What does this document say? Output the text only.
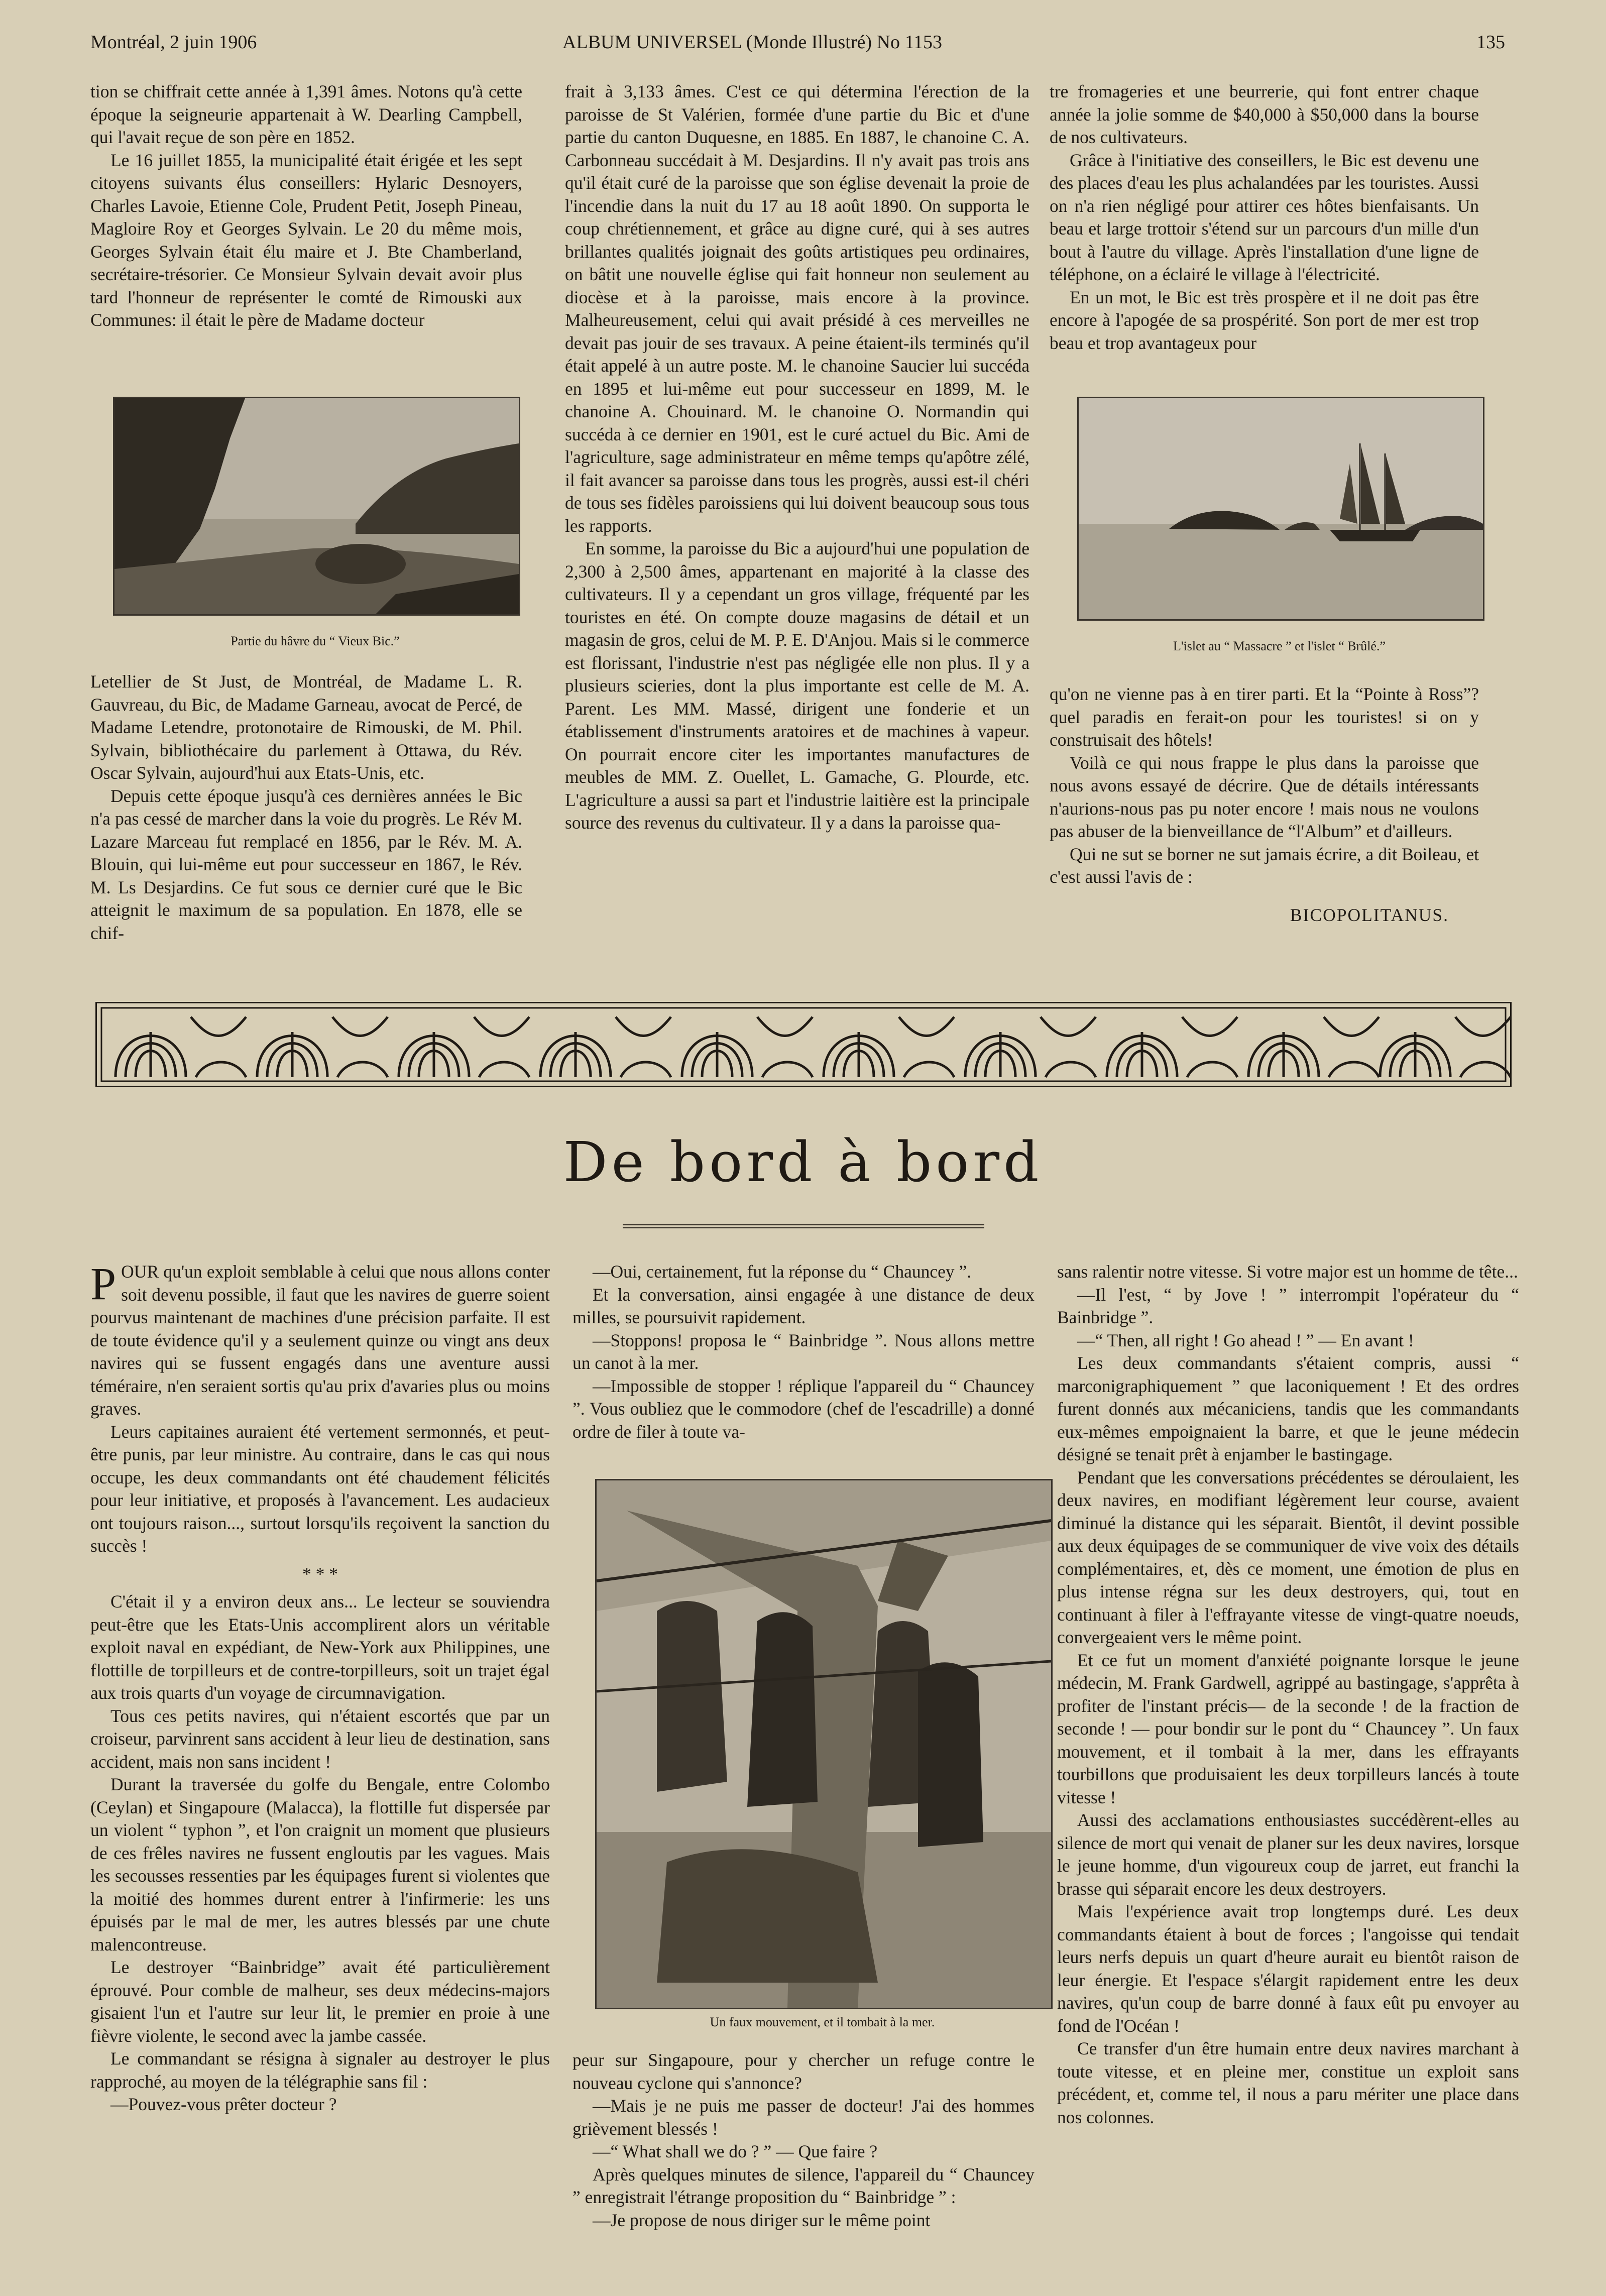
Montréal, 2 juin 1906	ALBUM UNIVERSEL (Monde Illustré) No 1153	135

tion se chiffrait cette année à 1,391 âmes. Notons qu'à cette époque la seigneurie appartenait à W. Dearling Campbell, qui l'avait reçue de son père en 1852.

Le 16 juillet 1855, la municipalité était érigée et les sept citoyens suivants élus conseillers: Hylaric Desnoyers, Charles Lavoie, Etienne Cole, Prudent Petit, Joseph Pineau, Magloire Roy et Georges Sylvain. Le 20 du même mois, Georges Sylvain était élu maire et J. Bte Chamberland, secrétaire-trésorier. Ce Monsieur Sylvain devait avoir plus tard l'honneur de représenter le comté de Rimouski aux Communes: il était le père de Madame docteur

Partie du hâvre du “ Vieux Bic.”

Letellier de St Just, de Montréal, de Madame L. R. Gauvreau, du Bic, de Madame Garneau, avocat de Percé, de Madame Letendre, protonotaire de Rimouski, de M. Phil. Sylvain, bibliothécaire du parlement à Ottawa, du Rév. Oscar Sylvain, aujourd'hui aux Etats-Unis, etc.

Depuis cette époque jusqu'à ces dernières années le Bic n'a pas cessé de marcher dans la voie du progrès. Le Rév M. Lazare Marceau fut remplacé en 1856, par le Rév. M. A. Blouin, qui lui-même eut pour successeur en 1867, le Rév. M. Ls Desjardins. Ce fut sous ce dernier curé que le Bic atteignit le maximum de sa population. En 1878, elle se chif-

frait à 3,133 âmes. C'est ce qui détermina l'érection de la paroisse de St Valérien, formée d'une partie du Bic et d'une partie du canton Duquesne, en 1885. En 1887, le chanoine C. A. Carbonneau succédait à M. Desjardins. Il n'y avait pas trois ans qu'il était curé de la paroisse que son église devenait la proie de l'incendie dans la nuit du 17 au 18 août 1890. On supporta le coup chrétiennement, et grâce au digne curé, qui à ses autres brillantes qualités joignait des goûts artistiques peu ordinaires, on bâtit une nouvelle église qui fait honneur non seulement au diocèse et à la paroisse, mais encore à la province. Malheureusement, celui qui avait présidé à ces merveilles ne devait pas jouir de ses travaux. A peine étaient-ils terminés qu'il était appelé à un autre poste. M. le chanoine Saucier lui succéda en 1895 et lui-même eut pour successeur en 1899, M. le chanoine A. Chouinard. M. le chanoine O. Normandin qui succéda à ce dernier en 1901, est le curé actuel du Bic. Ami de l'agriculture, sage administrateur en même temps qu'apôtre zélé, il fait avancer sa paroisse dans tous les progrès, aussi est-il chéri de tous ses fidèles paroissiens qui lui doivent beaucoup sous tous les rapports.

En somme, la paroisse du Bic a aujourd'hui une population de 2,300 à 2,500 âmes, appartenant en majorité à la classe des cultivateurs. Il y a cependant un gros village, fréquenté par les touristes en été. On compte douze magasins de détail et un magasin de gros, celui de M. P. E. D'Anjou. Mais si le commerce est florissant, l'industrie n'est pas négligée elle non plus. Il y a plusieurs scieries, dont la plus importante est celle de M. A. Parent. Les MM. Massé, dirigent une fonderie et un établissement d'instruments aratoires et de machines à vapeur. On pourrait encore citer les importantes manufactures de meubles de MM. Z. Ouellet, L. Gamache, G. Plourde, etc. L'agriculture a aussi sa part et l'industrie laitière est la principale source des revenus du cultivateur. Il y a dans la paroisse qua-

tre fromageries et une beurrerie, qui font entrer chaque année la jolie somme de $40,000 à $50,000 dans la bourse de nos cultivateurs.

Grâce à l'initiative des conseillers, le Bic est devenu une des places d'eau les plus achalandées par les touristes. Aussi on n'a rien négligé pour attirer ces hôtes bienfaisants. Un beau et large trottoir s'étend sur un parcours d'un mille d'un bout à l'autre du village. Après l'installation d'une ligne de téléphone, on a éclairé le village à l'électricité.

En un mot, le Bic est très prospère et il ne doit pas être encore à l'apogée de sa prospérité. Son port de mer est trop beau et trop avantageux pour

L'islet au “ Massacre ” et l'islet “ Brûlé.”

qu'on ne vienne pas à en tirer parti. Et la “Pointe à Ross”? quel paradis en ferait-on pour les touristes! si on y construisait des hôtels!

Voilà ce qui nous frappe le plus dans la paroisse que nous avons essayé de décrire. Que de détails intéressants n'aurions-nous pas pu noter encore ! mais nous ne voulons pas abuser de la bienveillance de “l'Album” et d'ailleurs.

Qui ne sut se borner ne sut jamais écrire, a dit Boileau, et c'est aussi l'avis de :

BICOPOLITANUS.

De bord à bord

POUR qu'un exploit semblable à celui que nous allons conter soit devenu possible, il faut que les navires de guerre soient pourvus maintenant de machines d'une précision parfaite. Il est de toute évidence qu'il y a seulement quinze ou vingt ans deux navires qui se fussent engagés dans une aventure aussi téméraire, n'en seraient sortis qu'au prix d'avaries plus ou moins graves.

Leurs capitaines auraient été vertement sermonnés, et peut-être punis, par leur ministre. Au contraire, dans le cas qui nous occupe, les deux commandants ont été chaudement félicités pour leur initiative, et proposés à l'avancement. Les audacieux ont toujours raison..., surtout lorsqu'ils reçoivent la sanction du succès !

* * *

C'était il y a environ deux ans... Le lecteur se souviendra peut-être que les Etats-Unis accomplirent alors un véritable exploit naval en expédiant, de New-York aux Philippines, une flottille de torpilleurs et de contre-torpilleurs, soit un trajet égal aux trois quarts d'un voyage de circumnavigation.

Tous ces petits navires, qui n'étaient escortés que par un croiseur, parvinrent sans accident à leur lieu de destination, sans accident, mais non sans incident !

Durant la traversée du golfe du Bengale, entre Colombo (Ceylan) et Singapoure (Malacca), la flottille fut dispersée par un violent “ typhon ”, et l'on craignit un moment que plusieurs de ces frêles navires ne fussent engloutis par les vagues. Mais les secousses ressenties par les équipages furent si violentes que la moitié des hommes durent entrer à l'infirmerie: les uns épuisés par le mal de mer, les autres blessés par une chute malencontreuse.

Le destroyer “Bainbridge” avait été particulièrement éprouvé. Pour comble de malheur, ses deux médecins-majors gisaient l'un et l'autre sur leur lit, le premier en proie à une fièvre violente, le second avec la jambe cassée.

Le commandant se résigna à signaler au destroyer le plus rapproché, au moyen de la télégraphie sans fil :

—Pouvez-vous prêter docteur ?

—Oui, certainement, fut la réponse du “ Chauncey ”.

Et la conversation, ainsi engagée à une distance de deux milles, se poursuivit rapidement.

—Stoppons! proposa le “ Bainbridge ”. Nous allons mettre un canot à la mer.

—Impossible de stopper ! réplique l'appareil du “ Chauncey ”. Vous oubliez que le commodore (chef de l'escadrille) a donné ordre de filer à toute va-

Un faux mouvement, et il tombait à la mer.

peur sur Singapoure, pour y chercher un refuge contre le nouveau cyclone qui s'annonce?

—Mais je ne puis me passer de docteur! J'ai des hommes grièvement blessés !

—“ What shall we do ? ” — Que faire ?

Après quelques minutes de silence, l'appareil du “ Chauncey ” enregistrait l'étrange proposition du “ Bainbridge ” :

—Je propose de nous diriger sur le même point

sans ralentir notre vitesse. Si votre major est un homme de tête...

—Il l'est, “ by Jove ! ” interrompit l'opérateur du “ Bainbridge ”.

—“ Then, all right ! Go ahead ! ” — En avant !

Les deux commandants s'étaient compris, aussi “ marconigraphiquement ” que laconiquement ! Et des ordres furent donnés aux mécaniciens, tandis que les commandants eux-mêmes empoignaient la barre, et que le jeune médecin désigné se tenait prêt à enjamber le bastingage.

Pendant que les conversations précédentes se déroulaient, les deux navires, en modifiant légèrement leur course, avaient diminué la distance qui les séparait. Bientôt, il devint possible aux deux équipages de se communiquer de vive voix des détails complémentaires, et, dès ce moment, une émotion de plus en plus intense régna sur les deux destroyers, qui, tout en continuant à filer à l'effrayante vitesse de vingt-quatre noeuds, convergeaient vers le même point.

Et ce fut un moment d'anxiété poignante lorsque le jeune médecin, M. Frank Gardwell, agrippé au bastingage, s'apprêta à profiter de l'instant précis— de la seconde ! de la fraction de seconde ! — pour bondir sur le pont du “ Chauncey ”. Un faux mouvement, et il tombait à la mer, dans les effrayants tourbillons que produisaient les deux torpilleurs lancés à toute vitesse !

Aussi des acclamations enthousiastes succédèrent-elles au silence de mort qui venait de planer sur les deux navires, lorsque le jeune homme, d'un vigoureux coup de jarret, eut franchi la brasse qui séparait encore les deux destroyers.

Mais l'expérience avait trop longtemps duré. Les deux commandants étaient à bout de forces ; l'angoisse qui tendait leurs nerfs depuis un quart d'heure aurait eu bientôt raison de leur énergie. Et l'espace s'élargit rapidement entre les deux navires, qu'un coup de barre donné à faux eût pu envoyer au fond de l'Océan !

Ce transfer d'un être humain entre deux navires marchant à toute vitesse, et en pleine mer, constitue un exploit sans précédent, et, comme tel, il nous a paru mériter une place dans nos colonnes.
